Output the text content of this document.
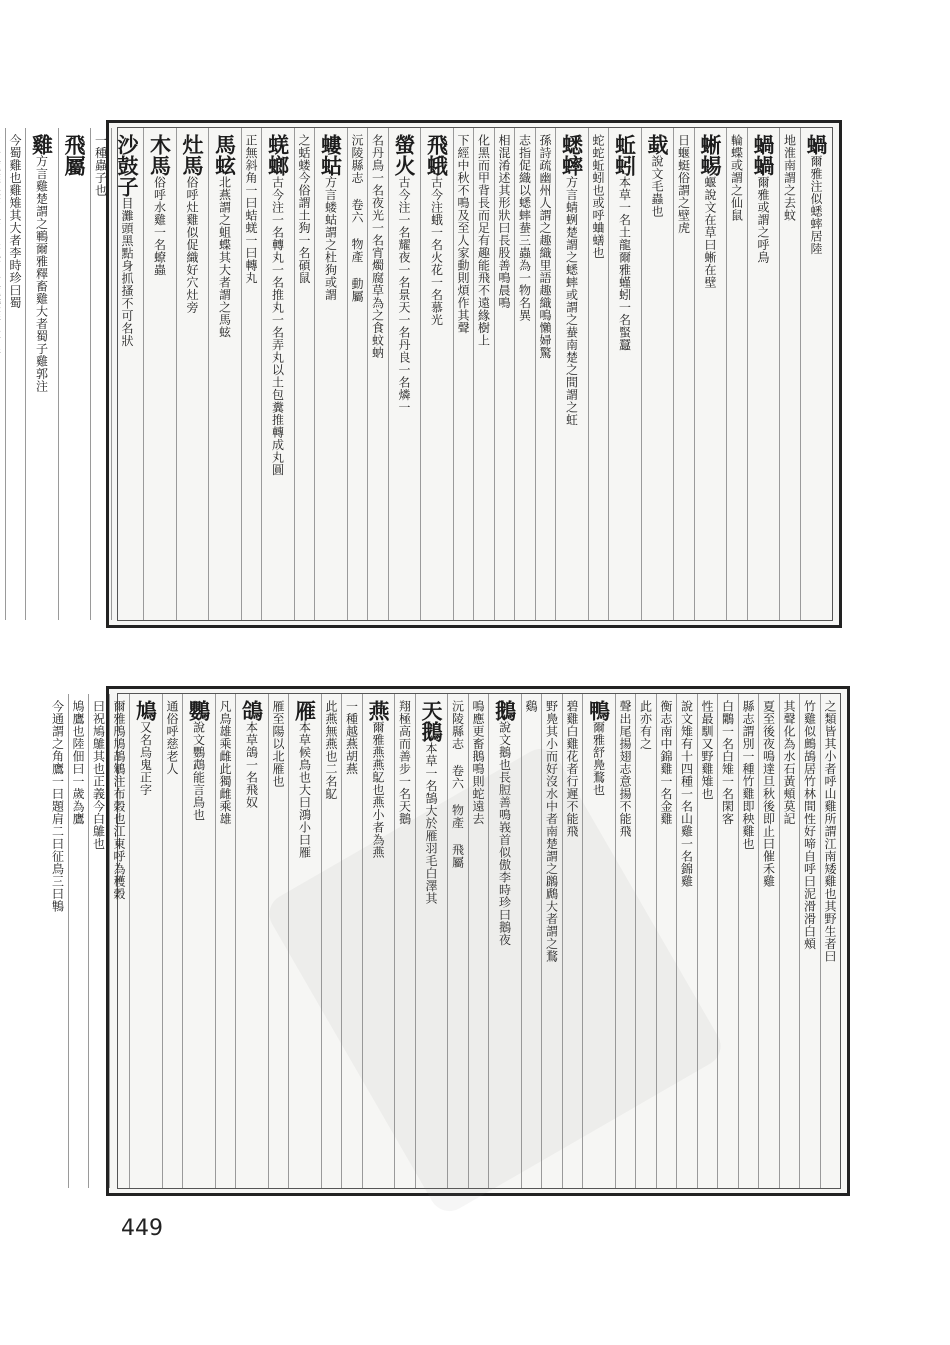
蝸爾雅注似蟋蟀居陸
地淮南謂之去蚊
蝸蝸爾雅或謂之呼鳥
輪蝶或謂之仙鼠
蜥蜴蝘說文在草曰蜥在壁
日蝘蜓俗謂之壁虎
蛓說文毛蟲也
蚯蚓本草一名土龍爾雅螼蚓一名蜸蠶
蛇蛇蚯蚓也或呼蛐蟮也
蟋蟀方言蜻蛚楚謂之蟋蟀或謂之蛬南楚之間謂之蚟
孫詩疏幽州人謂之趣織里語趣織鳴懶婦驚
志指促織以蟋蟀蛬三蟲為一物名異
相混淆述其形狀曰長股善鳴晨鳴
化黑而甲背長而足有趣能飛不遠緣樹上
下經中秋不鳴及至人家動則煩作其聲
飛蛾古今注蛾一名火花一名慕光
螢火古今注一名耀夜一名景天一名丹良一名燐一
名丹鳥一名夜光一名宵燭腐草為之食蚊蚋
沅陵縣志 卷六 物產 動屬
螻蛄方言蝼蛄謂之杜狗或謂
之蛞蝼今俗謂土狗一名碩鼠
蜣螂古今注一名轉丸一名推丸一名弄丸以土包糞推轉成丸圓
正無斜角一曰蛣蜣一曰轉丸
馬蚿北燕謂之蛆蝶其大者謂之馬蚿
灶馬俗呼灶雞似促織好穴灶旁
木馬俗呼水雞一名蟟蟲
沙鼓子目灘頭黑點身抓搔不可名狀
一種蟲子也
飛屬
雞方言雞楚謂之鶤爾雅釋畜雞大者蜀子雞郭注
今蜀雞也雞雉其大者李時珍曰蜀
之類皆其小者呼山雞所謂江南矮雞也其野生者曰
竹雞似鷓鴣居竹林間性好啼自呼曰泥滑滑白頰
其聲化為水石黃頰莫記
夏至後夜鳴達旦秋後即止曰催禾雞
縣志謂別一種竹雞即秧雞也
白鷴一名白雉一名閑客
性最馴又野雞雉也
說文雉有十四種一名山雞一名錦雞
衡志南中錦雞一名金雞
此亦有之
聲出尾揚翅志意揚不能飛
鴨爾雅舒鳧鶩也
碧雞白雞花者行遲不能飛
野鳧其小而好沒水中者南楚謂之鸊鷉大者謂之鶩
鷄
鵝說文鵝也長脰善鳴峩首似傲李時珍曰鵝夜
鳴應更畜鵝鳴則蛇遠去
沅陵縣志 卷六 物產 飛屬
天鵝本草一名鵠大於雁羽毛白澤其
翔極高而善步一名天鵝
燕爾雅燕燕鳦也燕小者為燕
一種越燕胡燕
此燕無燕也二名鳦
雁本草候鳥也大曰鴻小曰雁
雁至陽以北雁也
鴿本草鴿一名飛奴
凡鳥雄乘雌此獨雌乘雄
鸚說文鸚鵡能言鳥也
通俗呼慈老人
鳩又名烏鬼正字
爾雅鳲鳩鴶鵴注布穀也江東呼為穫穀
曰祝鳩鵻其也正義今白鵻也
鳩鷹也陸佃曰一歲為鷹
今通謂之角鷹一曰題肩二曰征鳥三曰鶽
449
